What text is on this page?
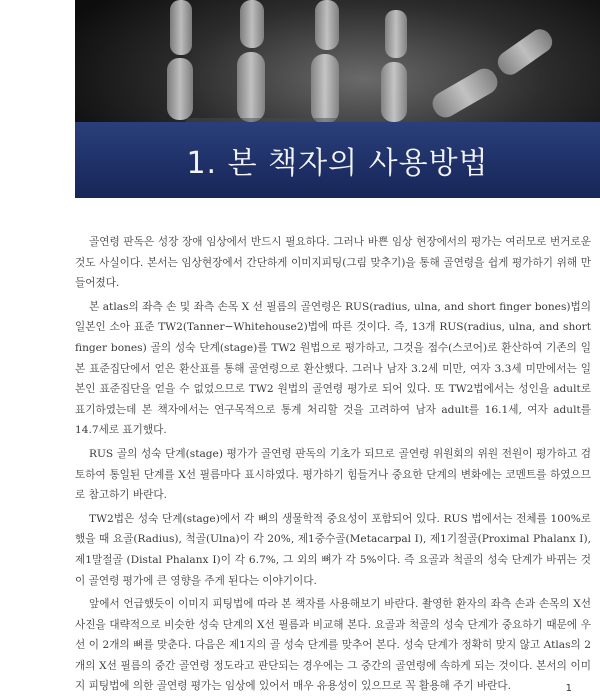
1. 본 책자의 사용방법

골연령 판독은 성장 장애 임상에서 반드시 필요하다. 그러나 바쁜 임상 현장에서의 평가는 여러모로 번거로운 것도 사실이다. 본서는 임상현장에서 간단하게 이미지피팅(그림 맞추기)을 통해 골연령을 쉽게 평가하기 위해 만들어졌다.

본 atlas의 좌측 손 및 좌측 손목 X 선 필름의 골연령은 RUS(radius, ulna, and short finger bones)법의 일본인 소아 표준 TW2(Tanner−Whitehouse2)법에 따른 것이다. 즉, 13개 RUS(radius, ulna, and short finger bones) 골의 성숙 단계(stage)를 TW2 원법으로 평가하고, 그것을 점수(스코어)로 환산하여 기존의 일본 표준집단에서 얻은 환산표를 통해 골연령으로 환산했다. 그러나 남자 3.2세 미만, 여자 3.3세 미만에서는 일본인 표준집단을 얻을 수 없었으므로 TW2 원법의 골연령 평가로 되어 있다. 또 TW2법에서는 성인을 adult로 표기하였는데 본 책자에서는 연구목적으로 통계 처리할 것을 고려하여 남자 adult를 16.1세, 여자 adult를 14.7세로 표기했다.

RUS 골의 성숙 단계(stage) 평가가 골연령 판독의 기초가 되므로 골연령 위원회의 위원 전원이 평가하고 검토하여 통일된 단계를 X선 필름마다 표시하였다. 평가하기 힘들거나 중요한 단계의 변화에는 코멘트를 하였으므로 참고하기 바란다.

TW2법은 성숙 단계(stage)에서 각 뼈의 생물학적 중요성이 포함되어 있다. RUS 법에서는 전체를 100%로 했을 때 요골(Radius), 척골(Ulna)이 각 20%, 제1중수골(Metacarpal I), 제1기절골(Proximal Phalanx I), 제1말절골 (Distal Phalanx I)이 각 6.7%, 그 외의 뼈가 각 5%이다. 즉 요골과 척골의 성숙 단계가 바뀌는 것이 골연령 평가에 큰 영향을 주게 된다는 이야기이다.

앞에서 언급했듯이 이미지 피팅법에 따라 본 책자를 사용해보기 바란다. 촬영한 환자의 좌측 손과 손목의 X선 사진을 대략적으로 비슷한 성숙 단계의 X선 필름과 비교해 본다. 요골과 척골의 성숙 단계가 중요하기 때문에 우선 이 2개의 뼈를 맞춘다. 다음은 제1지의 골 성숙 단계를 맞추어 본다. 성숙 단계가 정확히 맞지 않고 Atlas의 2개의 X선 필름의 중간 골연령 정도라고 판단되는 경우에는 그 중간의 골연령에 속하게 되는 것이다. 본서의 이미지 피팅법에 의한 골연령 평가는 임상에 있어서 매우 유용성이 있으므로 꼭 활용해 주기 바란다.	1
